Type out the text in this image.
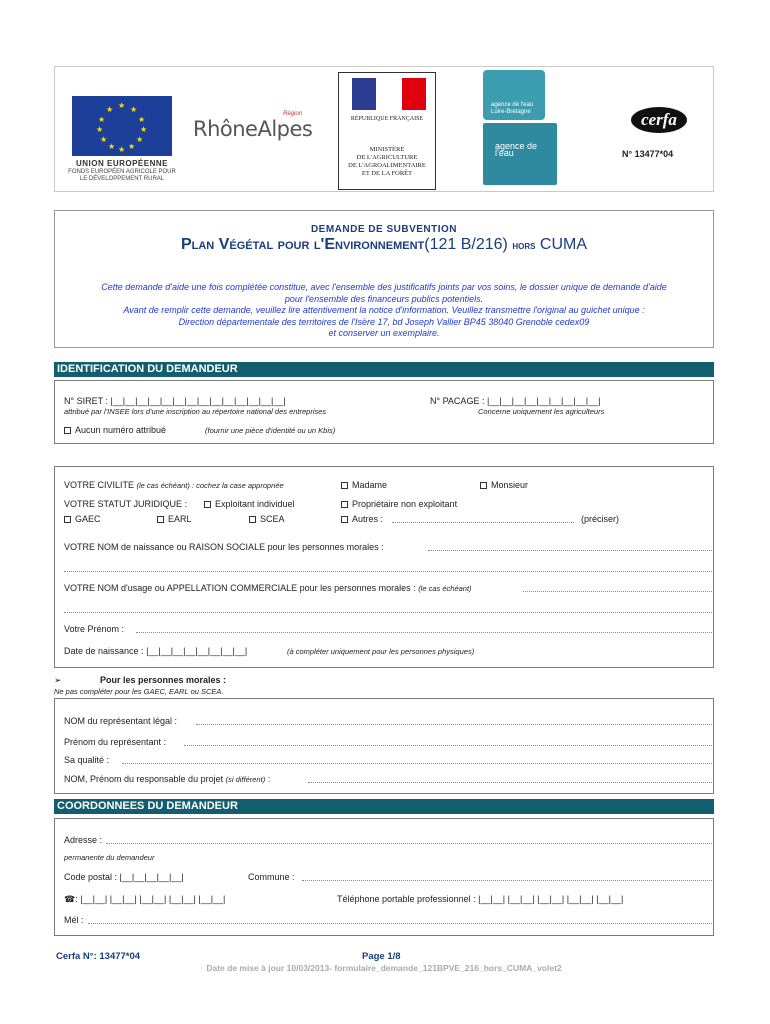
★ ★
★
★
★
★
★
★
★
★
★
★
UNION EUROPÉENNE
FONDS EUROPÉEN AGRICOLE POUR LE DÉVELOPPEMENT RURAL
Région
RhôneAlpes	RÉPUBLIQUE FRANÇAISE
MINISTÈRE
DE L'AGRICULTURE
DE L'AGROALIMENTAIRE
ET DE LA FORÊT
agence de l'eau Loire-Bretagne
agence de l'eau
cerfa
N° 13477*04
DEMANDE DE SUBVENTION
Plan Végétal pour l'Environnement(121 B/216) hors CUMA
Cette demande d'aide une fois complétée constitue, avec l'ensemble des justificatifs joints par vos soins, le dossier unique de demande d'aide
pour l'ensemble des financeurs publics potentiels.
Avant de remplir cette demande, veuillez lire attentivement la notice d'information. Veuillez transmettre l'original au guichet unique :
Direction départementale des territoires de l'Isère 17, bd Joseph Vallier BP45 38040 Grenoble cedex09
et conserver un exemplaire.
IDENTIFICATION DU DEMANDEUR
N° SIRET : |__|__|__|__|__|__|__|__|__|__|__|__|__|__|
attribué par l'INSEE lors d'une inscription au répertoire national des entreprises
N° PACAGE : |__|__|__|__|__|__|__|__|__|
Concerne uniquement les agriculteurs
Aucun numéro attribué	(fournir une pièce d'identité ou un Kbis)
VOTRE CIVILITE (le cas échéant) : cochez la case appropriée	Madame	Monsieur
VOTRE STATUT JURIDIQUE :	Exploitant individuel	Propriétaire non exploitant
GAEC	EARL	SCEA	Autres :	(préciser)
VOTRE NOM de naissance ou RAISON SOCIALE pour les personnes morales :
VOTRE NOM d'usage ou APPELLATION COMMERCIALE pour les personnes morales : (le cas échéant)
Votre Prénom :
Date de naissance : |__|__|__|__|__|__|__|__|	(à compléter uniquement pour les personnes physiques)
➢	Pour les personnes morales :
Ne pas compléter pour les GAEC, EARL ou SCEA.
NOM du représentant légal :
Prénom du représentant :
Sa qualité :
NOM, Prénom du responsable du projet (si différent) :
COORDONNEES DU DEMANDEUR
Adresse :
permanente du demandeur
Code postal : |__|__|__|__|__|	Commune :
☎: |__|__| |__|__| |__|__| |__|__| |__|__|	Téléphone portable professionnel : |__|__| |__|__| |__|__| |__|__| |__|__|
Mél :
Cerfa N°: 13477*04	Page 1/8
Date de mise à jour 10/03/2013- formulaire_demande_121BPVE_216_hors_CUMA_volet2
